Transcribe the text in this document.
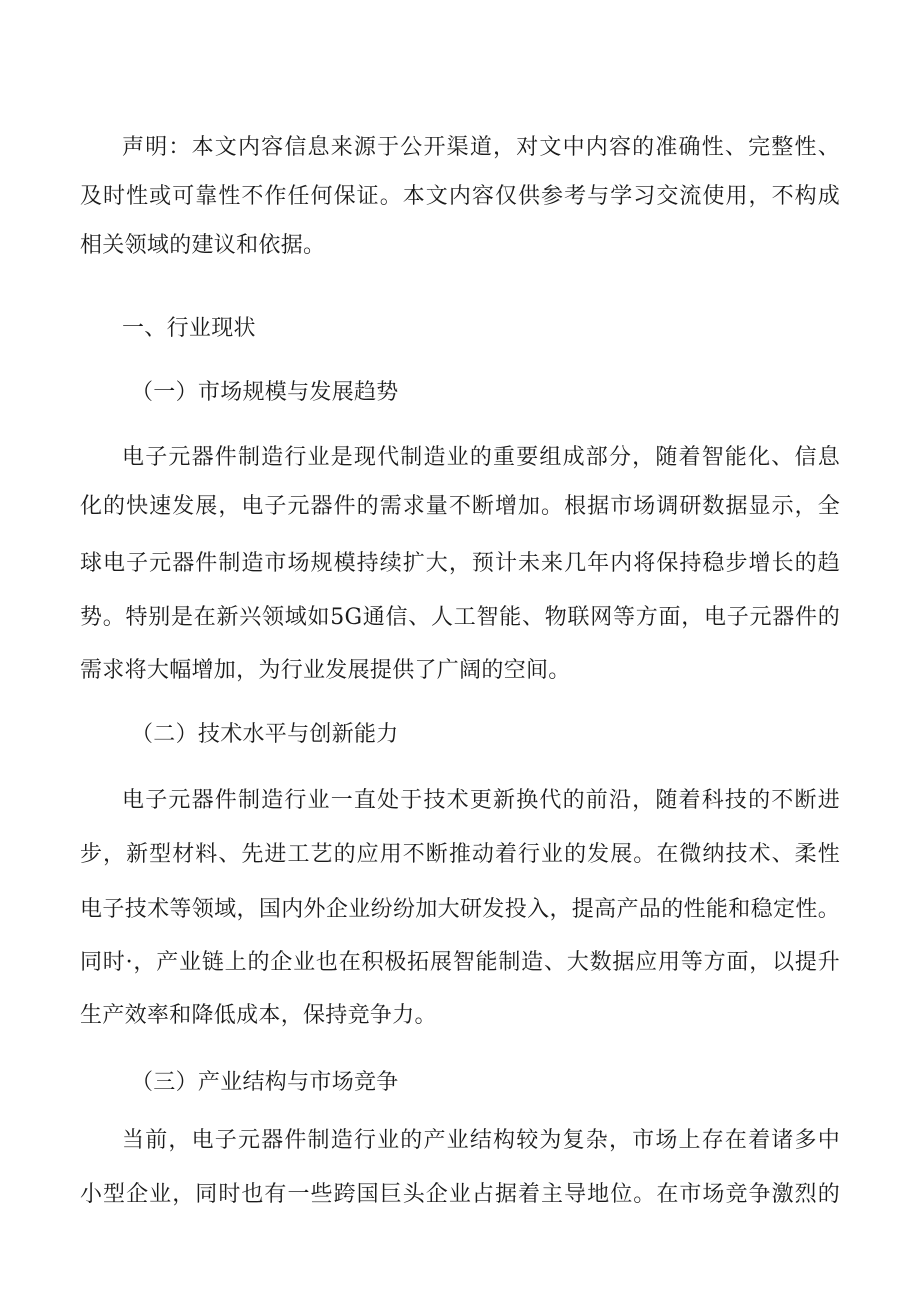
声明：本文内容信息来源于公开渠道，对文中内容的准确性、完整性、
及时性或可靠性不作任何保证。本文内容仅供参考与学习交流使用，不构成
相关领域的建议和依据。
一、行业现状
（一）市场规模与发展趋势
电子元器件制造行业是现代制造业的重要组成部分，随着智能化、信息
化的快速发展，电子元器件的需求量不断增加。根据市场调研数据显示，全
球电子元器件制造市场规模持续扩大，预计未来几年内将保持稳步增长的趋
势。特别是在新兴领域如5G通信、人工智能、物联网等方面，电子元器件的
需求将大幅增加，为行业发展提供了广阔的空间。
（二）技术水平与创新能力
电子元器件制造行业一直处于技术更新换代的前沿，随着科技的不断进
步，新型材料、先进工艺的应用不断推动着行业的发展。在微纳技术、柔性
电子技术等领域，国内外企业纷纷加大研发投入，提高产品的性能和稳定性。
同时·，产业链上的企业也在积极拓展智能制造、大数据应用等方面，以提升
生产效率和降低成本，保持竞争力。
（三）产业结构与市场竞争
当前，电子元器件制造行业的产业结构较为复杂，市场上存在着诸多中
小型企业，同时也有一些跨国巨头企业占据着主导地位。在市场竞争激烈的
